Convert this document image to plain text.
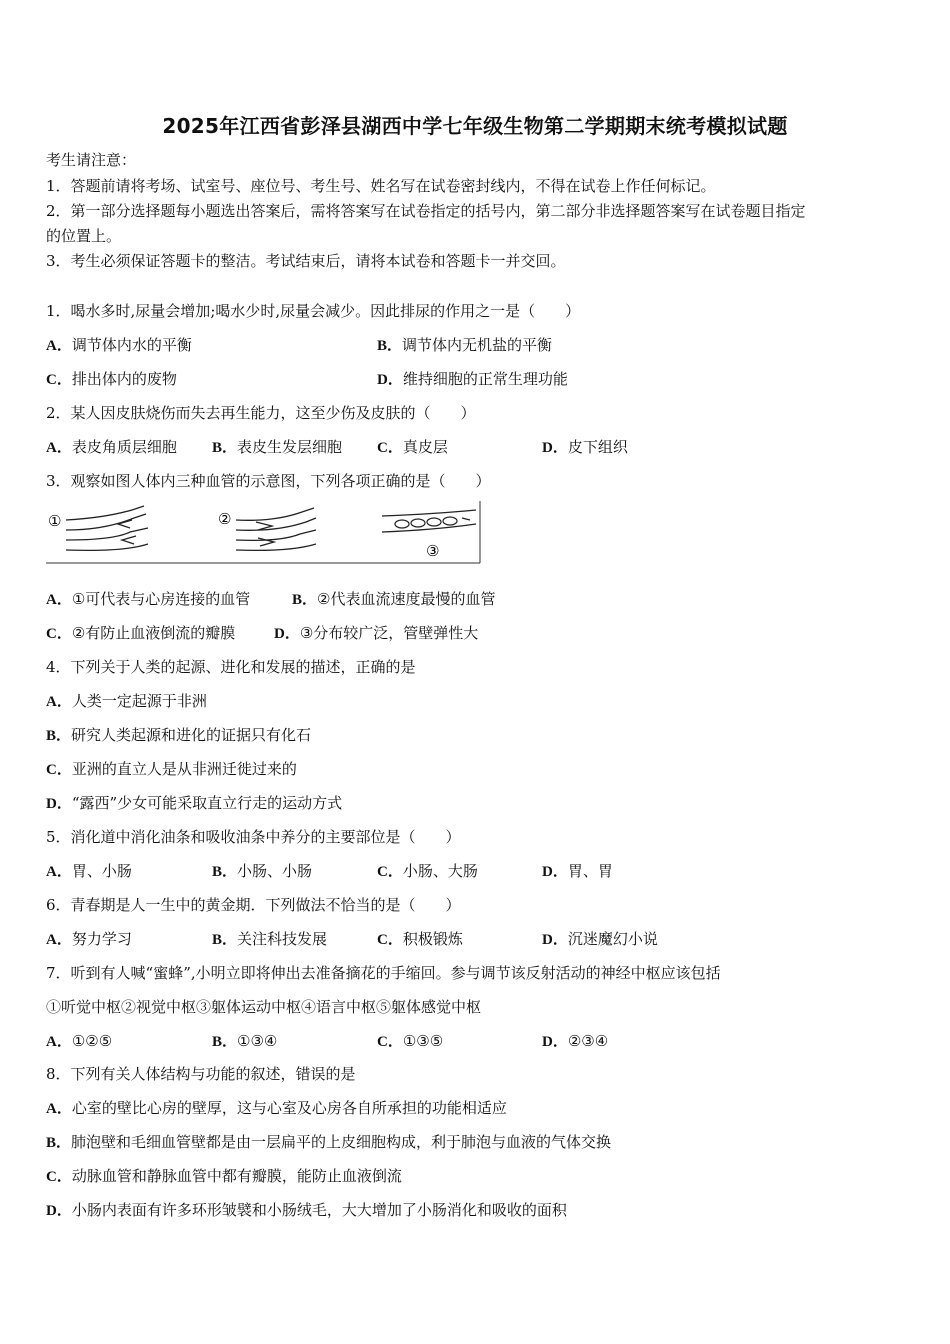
2025年江西省彭泽县湖西中学七年级生物第二学期期末统考模拟试题
考生请注意：
1．答题前请将考场、试室号、座位号、考生号、姓名写在试卷密封线内，不得在试卷上作任何标记。
2．第一部分选择题每小题选出答案后，需将答案写在试卷指定的括号内，第二部分非选择题答案写在试卷题目指定
的位置上。
3．考生必须保证答题卡的整洁。考试结束后，请将本试卷和答题卡一并交回。
1．喝水多时,尿量会增加;喝水少时,尿量会减少。因此排尿的作用之一是（　　）
A．调节体内水的平衡	B．调节体内无机盐的平衡
C．排出体内的废物	D．维持细胞的正常生理功能
2．某人因皮肤烧伤而失去再生能力，这至少伤及皮肤的（　　）
A．表皮角质层细胞 B．表皮生发层细胞 C．真皮层	D．皮下组织
3．观察如图人体内三种血管的示意图，下列各项正确的是（　　）
①	②
③
A．①可代表与心房连接的血管	B．②代表血流速度最慢的血管
C．②有防止血液倒流的瓣膜	D．③分布较广泛，管壁弹性大
4．下列关于人类的起源、进化和发展的描述，正确的是
A．人类一定起源于非洲
B．研究人类起源和进化的证据只有化石
C．亚洲的直立人是从非洲迁徙过来的
D．“露西”少女可能采取直立行走的运动方式
5．消化道中消化油条和吸收油条中养分的主要部位是（　　）
A．胃、小肠	B．小肠、小肠	C．小肠、大肠	D．胃、胃
6．青春期是人一生中的黄金期．下列做法不恰当的是（　　）
A．努力学习	B．关注科技发展	C．积极锻炼	D．沉迷魔幻小说
7．听到有人喊“蜜蜂”,小明立即将伸出去准备摘花的手缩回。参与调节该反射活动的神经中枢应该包括
①听觉中枢②视觉中枢③躯体运动中枢④语言中枢⑤躯体感觉中枢
A．①②⑤	B．①③④	C．①③⑤	D．②③④
8．下列有关人体结构与功能的叙述，错误的是
A．心室的壁比心房的壁厚，这与心室及心房各自所承担的功能相适应
B．肺泡壁和毛细血管壁都是由一层扁平的上皮细胞构成，利于肺泡与血液的气体交换
C．动脉血管和静脉血管中都有瓣膜，能防止血液倒流
D．小肠内表面有许多环形皱襞和小肠绒毛，大大增加了小肠消化和吸收的面积
